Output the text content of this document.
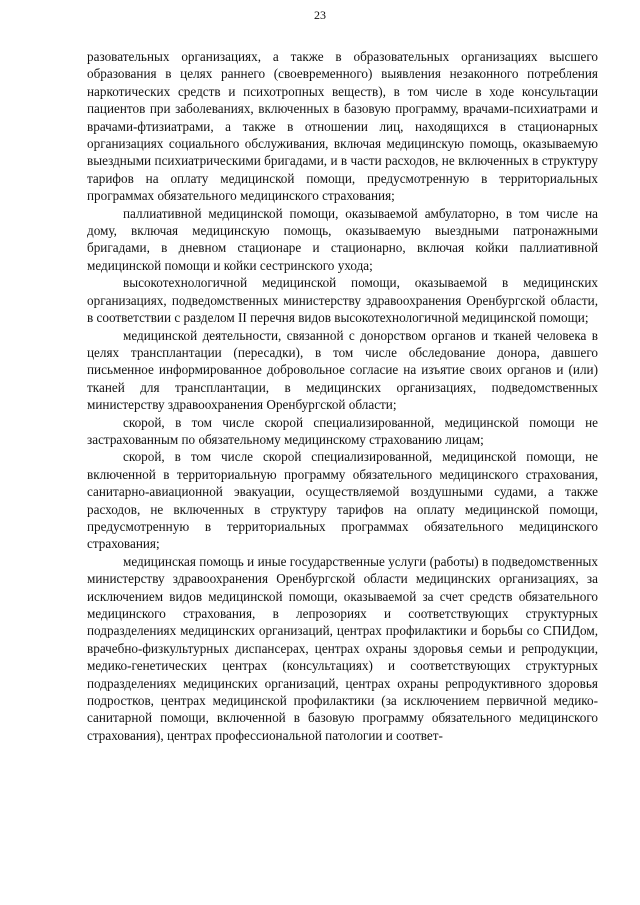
23

разовательных организациях, а также в образовательных организациях высшего образования в целях раннего (своевременного) выявления незаконного потребления наркотических средств и психотропных веществ), в том числе в ходе консультации пациентов при заболеваниях, включенных в базовую программу, врачами-психиатрами и врачами-фтизиатрами, а также в отношении лиц, находящихся в стационарных организациях социального обслуживания, включая медицинскую помощь, оказываемую выездными психиатрическими бригадами, и в части расходов, не включенных в структуру тарифов на оплату медицинской помощи, предусмотренную в территориальных программах обязательного медицинского страхования;

паллиативной медицинской помощи, оказываемой амбулаторно, в том числе на дому, включая медицинскую помощь, оказываемую выездными патронажными бригадами, в дневном стационаре и стационарно, включая койки паллиативной медицинской помощи и койки сестринского ухода;

высокотехнологичной медицинской помощи, оказываемой в медицинских организациях, подведомственных министерству здравоохранения Оренбургской области, в соответствии с разделом II перечня видов высокотехнологичной медицинской помощи;

медицинской деятельности, связанной с донорством органов и тканей человека в целях трансплантации (пересадки), в том числе обследование донора, давшего письменное информированное добровольное согласие на изъятие своих органов и (или) тканей для трансплантации, в медицинских организациях, подведомственных министерству здравоохранения Оренбургской области;

скорой, в том числе скорой специализированной, медицинской помощи не застрахованным по обязательному медицинскому страхованию лицам;

скорой, в том числе скорой специализированной, медицинской помощи, не включенной в территориальную программу обязательного медицинского страхования, санитарно-авиационной эвакуации, осуществляемой воздушными судами, а также расходов, не включенных в структуру тарифов на оплату медицинской помощи, предусмотренную в территориальных программах обязательного медицинского страхования;

медицинская помощь и иные государственные услуги (работы) в подведомственных министерству здравоохранения Оренбургской области медицинских организациях, за исключением видов медицинской помощи, оказываемой за счет средств обязательного медицинского страхования, в лепрозориях и соответствующих структурных подразделениях медицинских организаций, центрах профилактики и борьбы со СПИДом, врачебно-физкультурных диспансерах, центрах охраны здоровья семьи и репродукции, медико-генетических центрах (консультациях) и соответствующих структурных подразделениях медицинских организаций, центрах охраны репродуктивного здоровья подростков, центрах медицинской профилактики (за исключением первичной медико-санитарной помощи, включенной в базовую программу обязательного медицинского страхования), центрах профессиональной патологии и соответ-
